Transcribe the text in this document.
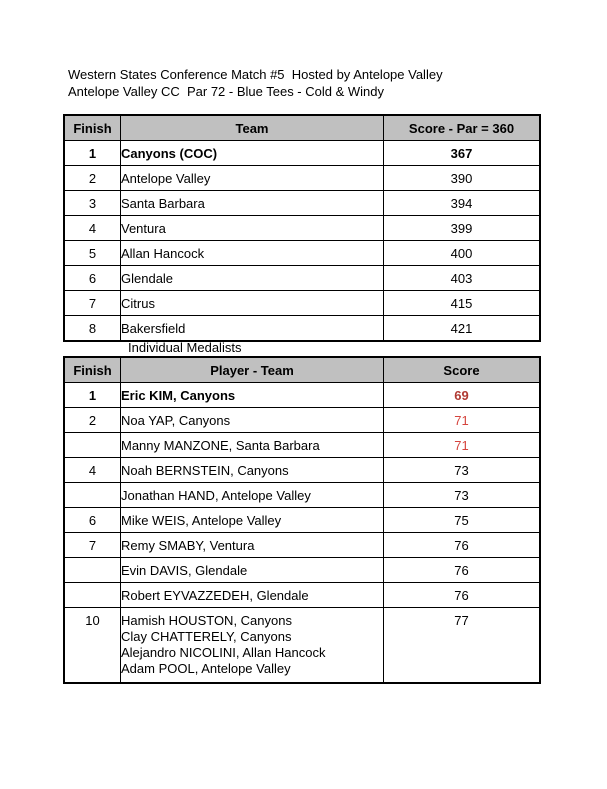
Western States Conference Match #5  Hosted by Antelope Valley
Antelope Valley CC  Par 72 - Blue Tees - Cold & Windy
Finish	Team	Score - Par = 360
1	Canyons (COC)	367
2	Antelope Valley	390
3	Santa Barbara	394
4	Ventura	399
5	Allan Hancock	400
6	Glendale	403
7	Citrus	415
8	Bakersfield	421
Individual Medalists
Finish	Player - Team	Score
1	Eric KIM, Canyons	69
2	Noa YAP, Canyons	71
	Manny MANZONE, Santa Barbara	71
4	Noah BERNSTEIN, Canyons	73
	Jonathan HAND, Antelope Valley	73
6	Mike WEIS, Antelope Valley	75
7	Remy SMABY, Ventura	76
	Evin DAVIS, Glendale	76
	Robert EYVAZZEDEH, Glendale	76
10	Hamish HOUSTON, Canyons
Clay CHATTERELY, Canyons
Alejandro NICOLINI, Allan Hancock
Adam POOL, Antelope Valley	77
